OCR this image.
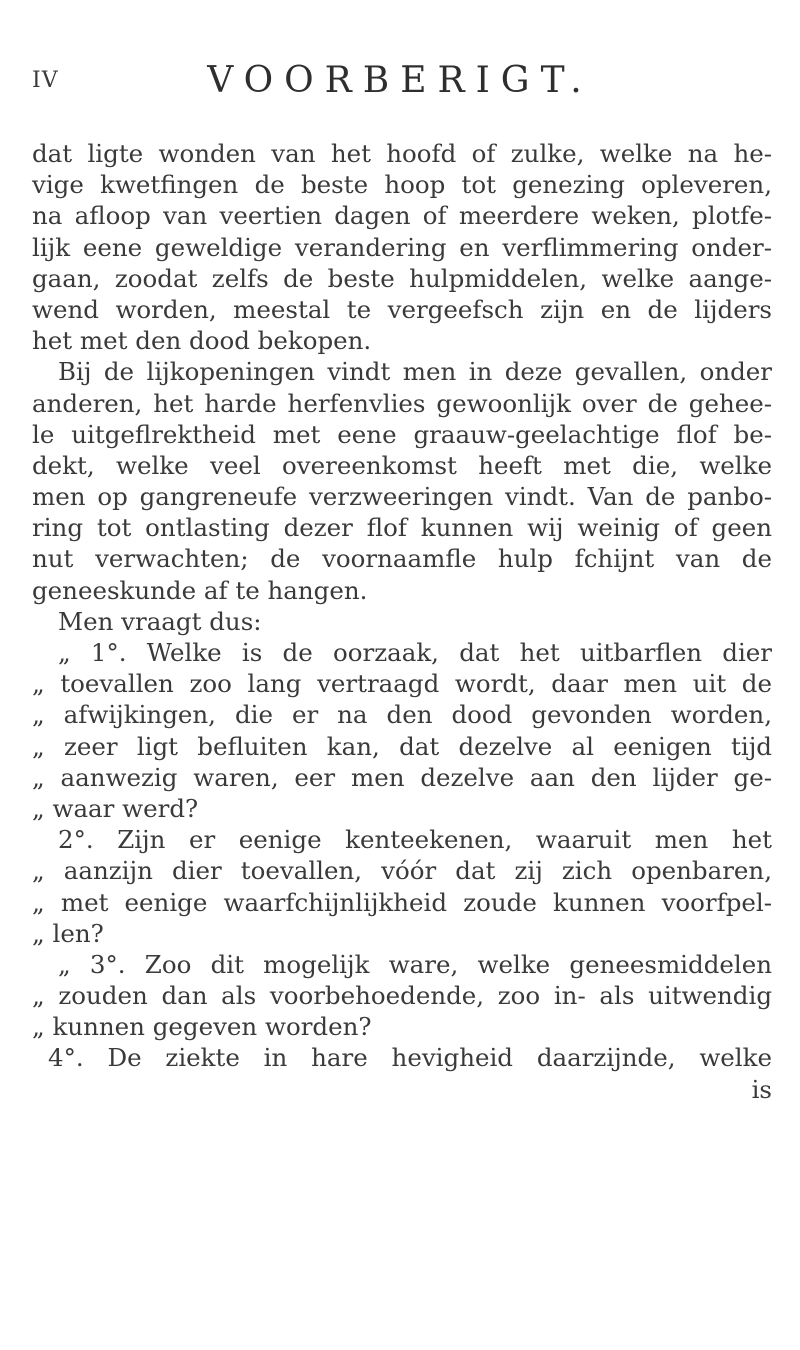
IV	VOORBERIGT.
dat ligte wonden van het hoofd of zulke, welke na he-
vige kwetfingen de beste hoop tot genezing opleveren,
na afloop van veertien dagen of meerdere weken, plotfe-
lijk eene geweldige verandering en verflimmering onder-
gaan, zoodat zelfs de beste hulpmiddelen, welke aange-
wend worden, meestal te vergeefsch zijn en de lijders
het met den dood bekopen.
Bij de lijkopeningen vindt men in deze gevallen, onder
anderen, het harde herfenvlies gewoonlijk over de gehee-
le uitgeflrektheid met eene graauw-geelachtige flof be-
dekt, welke veel overeenkomst heeft met die, welke
men op gangreneufe verzweeringen vindt. Van de panbo-
ring tot ontlasting dezer flof kunnen wij weinig of geen
nut verwachten; de voornaamfle hulp fchijnt van de
geneeskunde af te hangen.
Men vraagt dus:
„ 1°. Welke is de oorzaak, dat het uitbarflen dier
„ toevallen zoo lang vertraagd wordt, daar men uit de
„ afwijkingen, die er na den dood gevonden worden,
„ zeer ligt befluiten kan, dat dezelve al eenigen tijd
„ aanwezig waren, eer men dezelve aan den lijder ge-
„ waar werd?
2°. Zijn er eenige kenteekenen, waaruit men het
„ aanzijn dier toevallen, vóór dat zij zich openbaren,
„ met eenige waarfchijnlijkheid zoude kunnen voorfpel-
„ len?
„ 3°. Zoo dit mogelijk ware, welke geneesmiddelen
„ zouden dan als voorbehoedende, zoo in- als uitwendig
„ kunnen gegeven worden?
4°. De ziekte in hare hevigheid daarzijnde, welke
is
